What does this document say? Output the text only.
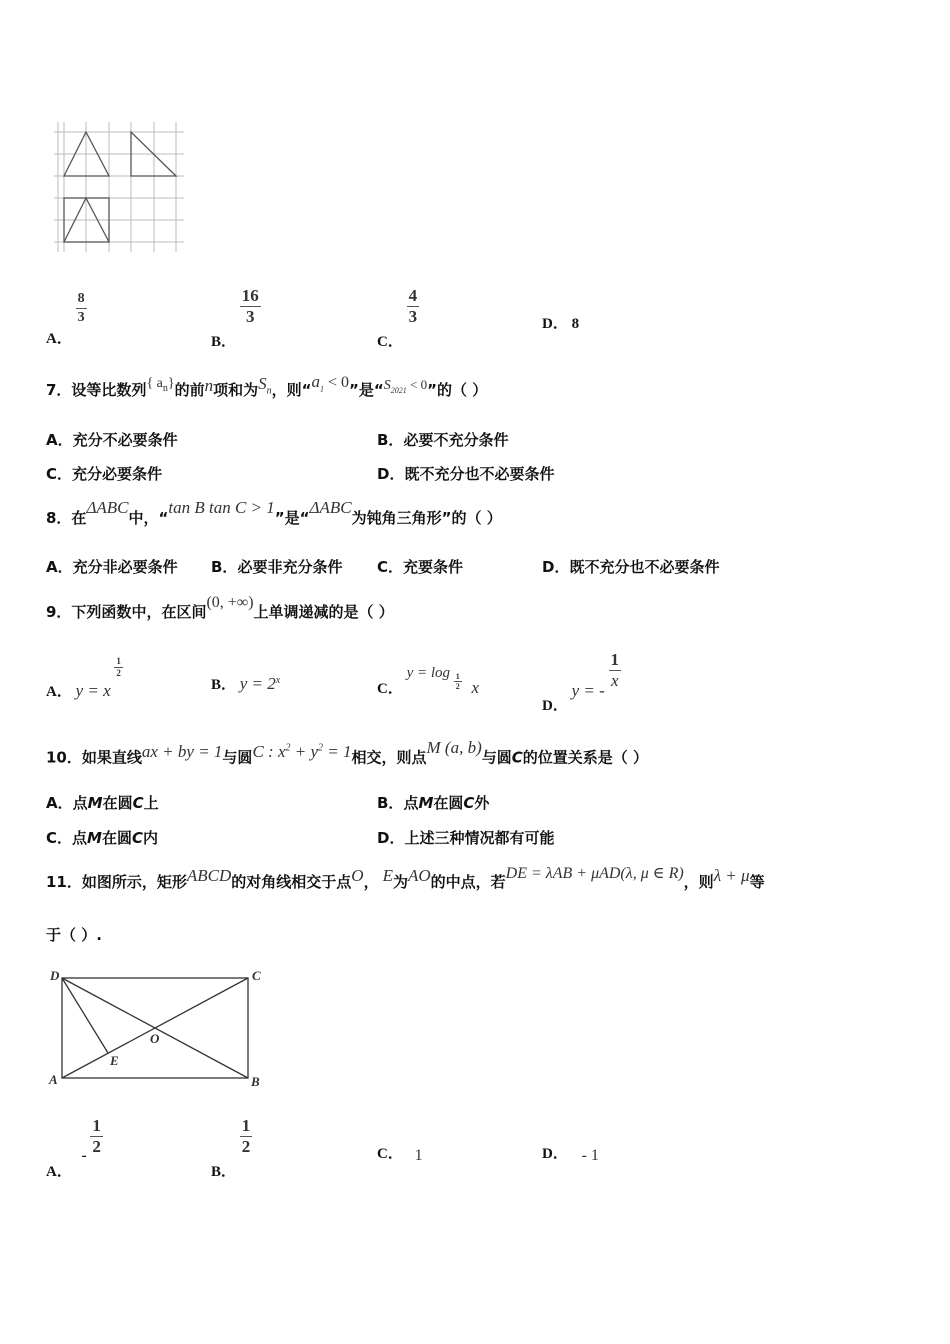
A．
$\frac{8}{3}$
B．
$\frac{16}{3}$
C．
$\frac{4}{3}$	D． 8
7．设等比数列{ $a_n$}的前n项和为$S_n$，则“$a_1 < 0$”是“$S_{2021} < 0$”的（ ）
A．充分不必要条件	B．必要不充分条件
C．充分必要条件	D．既不充分也不必要条件
8．在ΔABC中，“tan B tan C > 1”是“ΔABC为钝角三角形”的（ ）
A．充分非必要条件 B．必要非充分条件 C．充要条件	D．既不充分也不必要条件
9．下列函数中，在区间(0, +∞)上单调递减的是（ ）
A． y = x
$\frac{1}{2}$
B． $y = 2^x$
C． $y = \log \frac{1}{2}$ x
D． y = - $\frac{1}{x}$
10．如果直线ax + by = 1与圆C : $x^2 + y^2 = 1$相交，则点M (a, b)与圆C的位置关系是（ ）
A．点M在圆C上	B．点M在圆C外
C．点M在圆C内	D．上述三种情况都有可能
11．如图所示，矩形ABCD的对角线相交于点O， E为AO的中点，若DE = λAB + μAD(λ, μ ∈ R)，则λ + μ等
于（ ）.
D	C
A	B
O
E
A． - $\frac{1}{2}$
B．
$\frac{1}{2}$	C． 1	D． - 1
